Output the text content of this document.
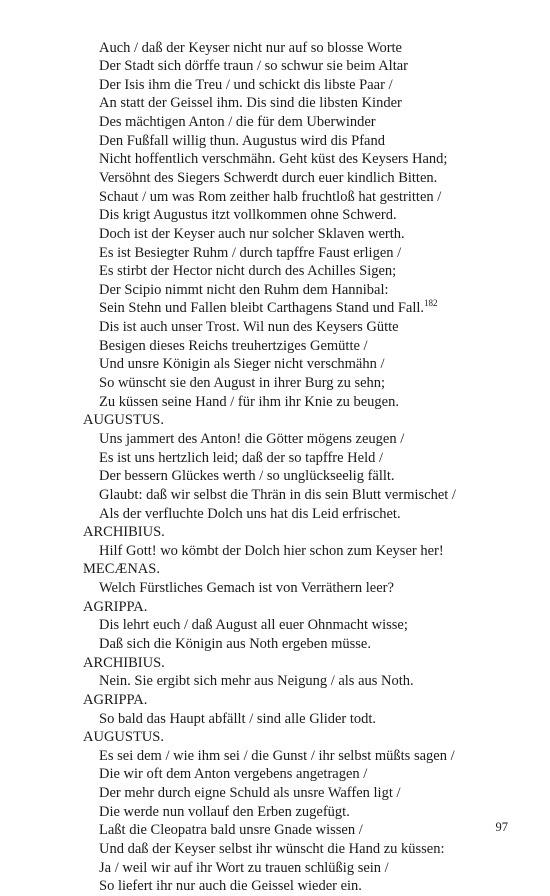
Auch / daß der Keyser nicht nur auf so blosse Worte
Der Stadt sich dörffe traun / so schwur sie beim Altar
Der Isis ihm die Treu / und schickt dis libste Paar /
An statt der Geissel ihm. Dis sind die libsten Kinder
Des mächtigen Anton / die für dem Uberwinder
Den Fußfall willig thun. Augustus wird dis Pfand
Nicht hoffentlich verschmähn. Geht küst des Keysers Hand;
Versöhnt des Siegers Schwerdt durch euer kindlich Bitten.
Schaut / um was Rom zeither halb fruchtloß hat gestritten /
Dis krigt Augustus itzt vollkommen ohne Schwerd.
Doch ist der Keyser auch nur solcher Sklaven werth.
Es ist Besiegter Ruhm / durch tapffre Faust erligen /
Es stirbt der Hector nicht durch des Achilles Sigen;
Der Scipio nimmt nicht den Ruhm dem Hannibal:
Sein Stehn und Fallen bleibt Carthagens Stand und Fall.$^{182}$
Dis ist auch unser Trost. Wil nun des Keysers Gütte
Besigen dieses Reichs treuhertziges Gemütte /
Und unsre Königin als Sieger nicht verschmähn /
So wünscht sie den August in ihrer Burg zu sehn;
Zu küssen seine Hand / für ihm ihr Knie zu beugen.
AUGUSTUS.
Uns jammert des Anton! die Götter mögens zeugen /
Es ist uns hertzlich leid; daß der so tapffre Held /
Der bessern Glückes werth / so unglückseelig fällt.
Glaubt: daß wir selbst die Thrän in dis sein Blutt vermischet /
Als der verfluchte Dolch uns hat dis Leid erfrischet.
ARCHIBIUS.
Hilf Gott! wo kömbt der Dolch hier schon zum Keyser her!
MECÆNAS.
Welch Fürstliches Gemach ist von Verräthern leer?
AGRIPPA.
Dis lehrt euch / daß August all euer Ohnmacht wisse;
Daß sich die Königin aus Noth ergeben müsse.
ARCHIBIUS.
Nein. Sie ergibt sich mehr aus Neigung / als aus Noth.
AGRIPPA.
So bald das Haupt abfällt / sind alle Glider todt.
AUGUSTUS.
Es sei dem / wie ihm sei / die Gunst / ihr selbst müßts sagen /
Die wir oft dem Anton vergebens angetragen /
Der mehr durch eigne Schuld als unsre Waffen ligt /
Die werde nun vollauf den Erben zugefügt.
Laßt die Cleopatra bald unsre Gnade wissen /
Und daß der Keyser selbst ihr wünscht die Hand zu küssen:
Ja / weil wir auf ihr Wort zu trauen schlüßig sein /
So liefert ihr nur auch die Geissel wieder ein.
97
